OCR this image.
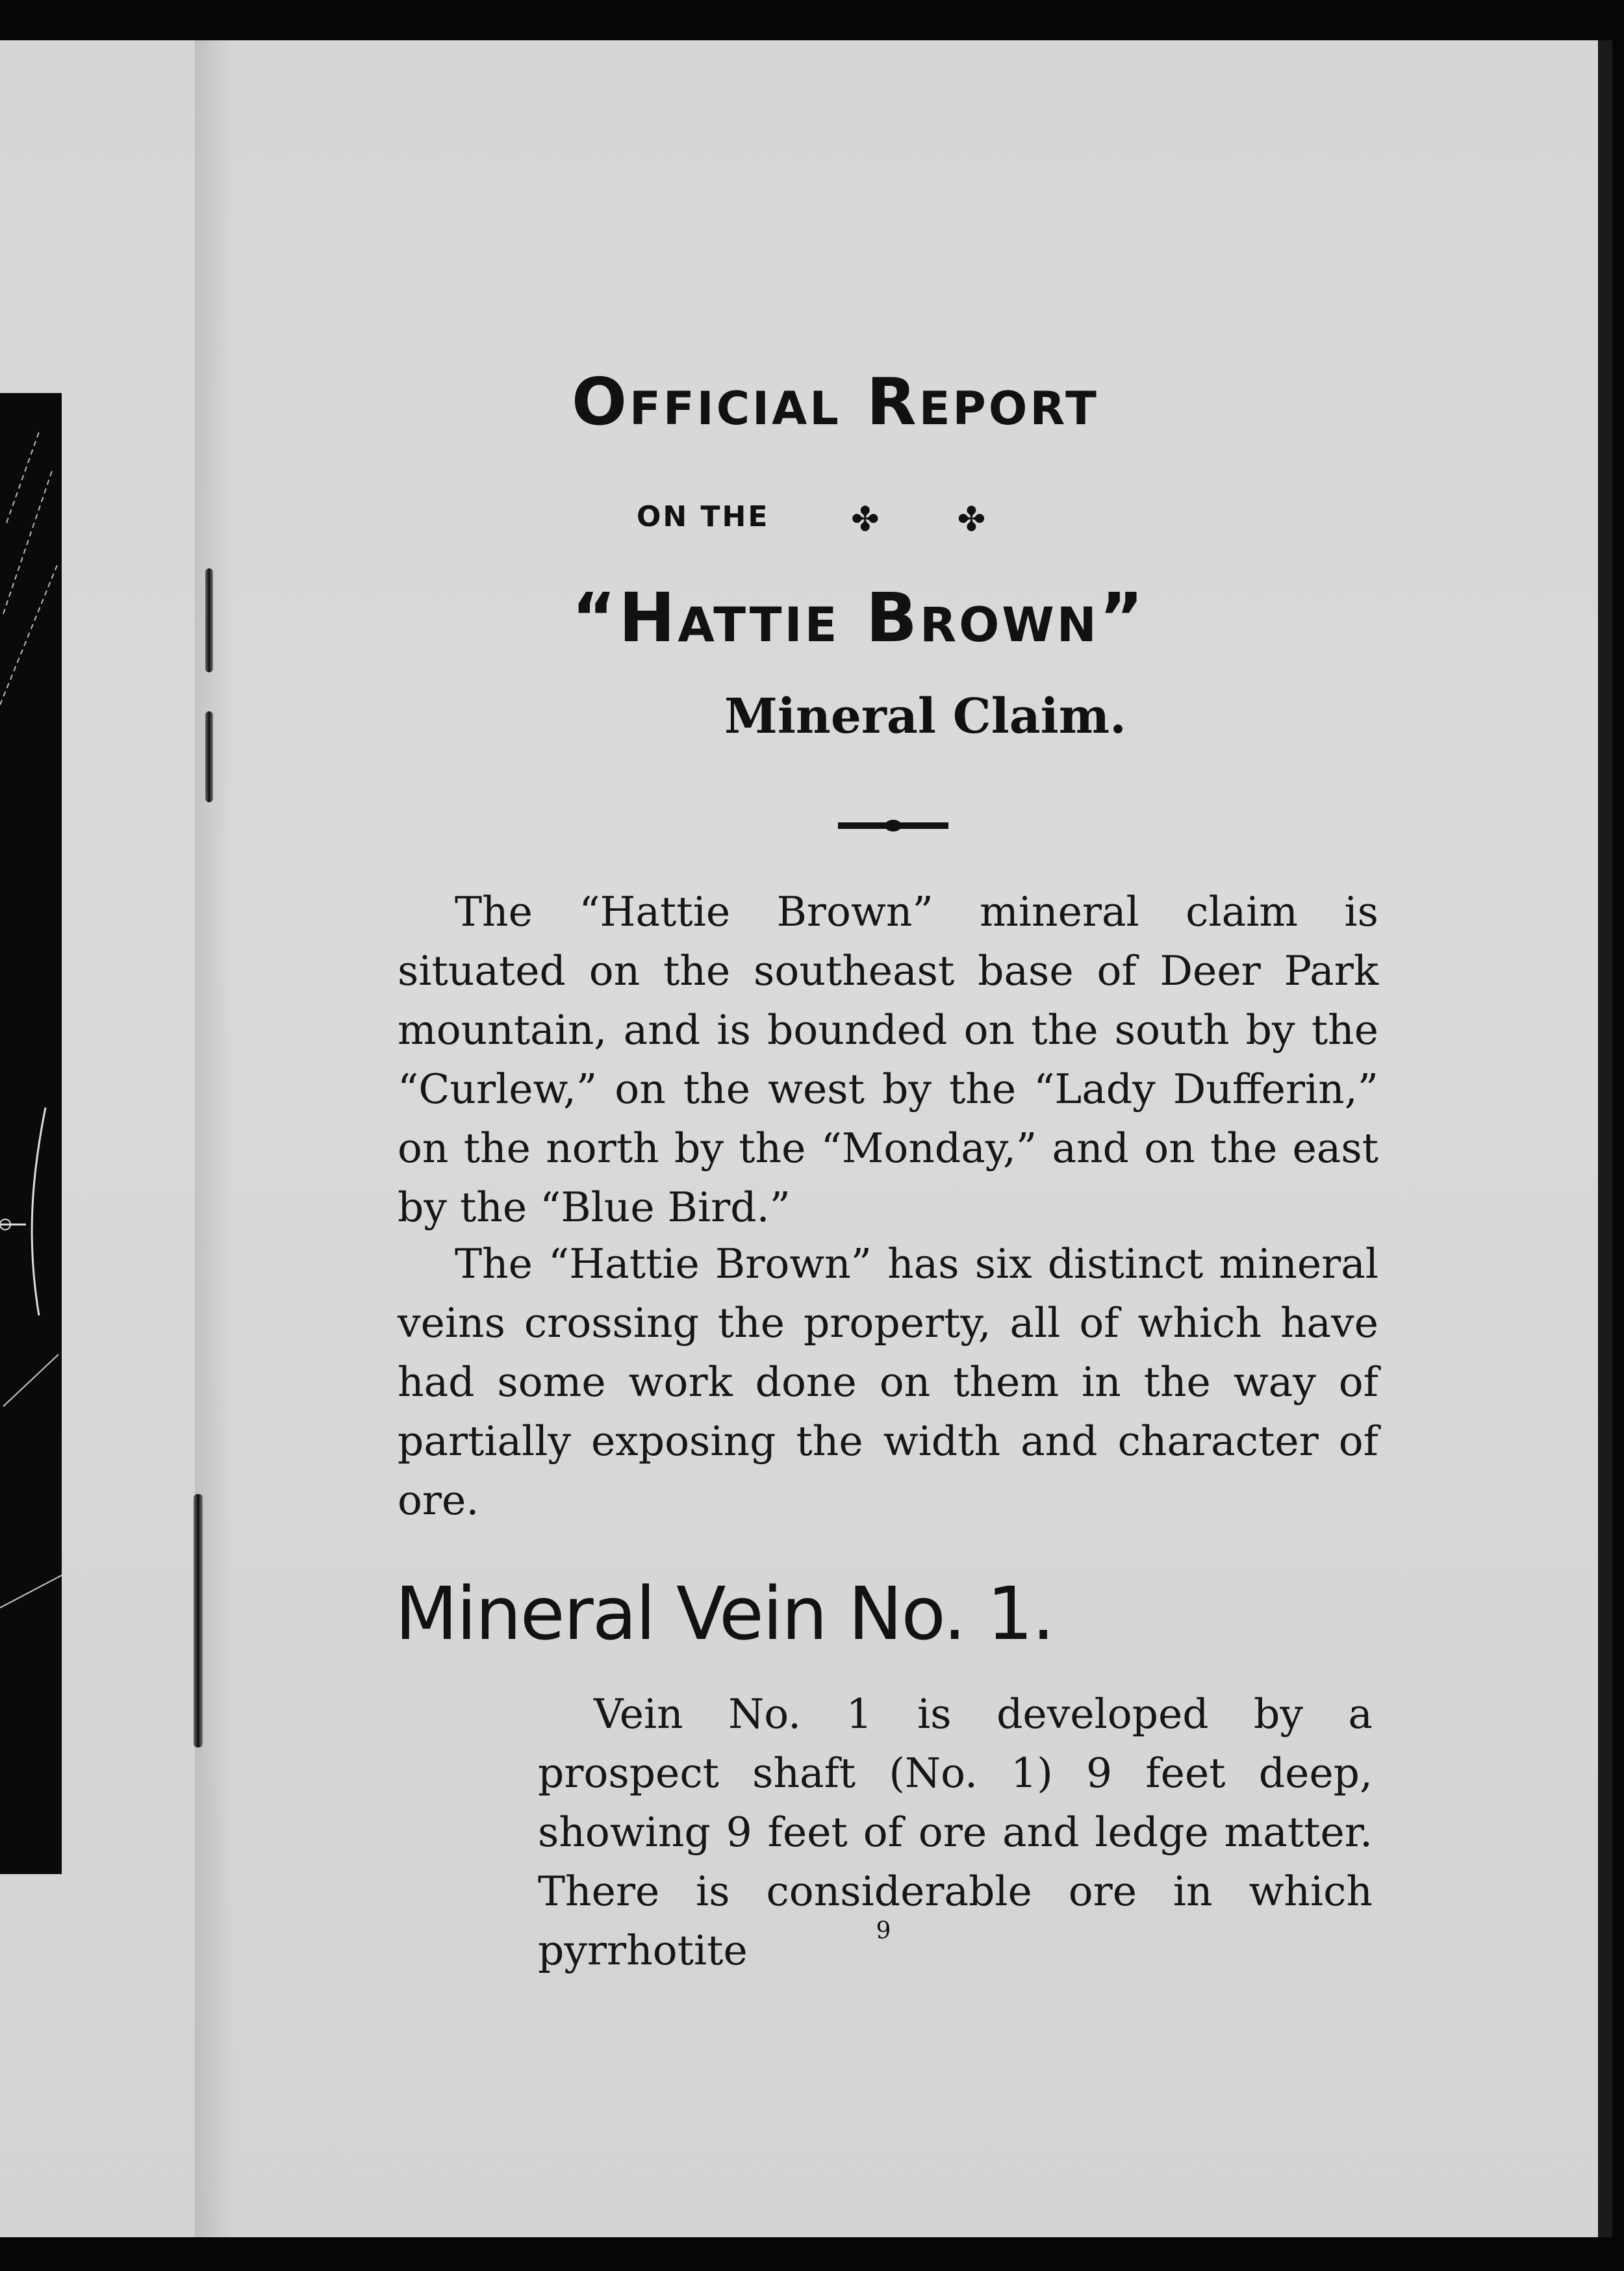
Official Report
ON THE ✤ ✤
“Hattie Brown”
Mineral Claim.

The “Hattie Brown” mineral claim is situated on the southeast base of Deer Park mountain, and is bounded on the south by the “Curlew,” on the west by the “Lady Dufferin,” on the north by the “Monday,” and on the east by the “Blue Bird.”

The “Hattie Brown” has six distinct mineral veins crossing the property, all of which have had some work done on them in the way of partially exposing the width and character of ore.

Mineral Vein No. 1.

Vein No. 1 is developed by a prospect shaft (No. 1) 9 feet deep, showing 9 feet of ore and ledge matter. There is considerable ore in which pyrrhotite	9
